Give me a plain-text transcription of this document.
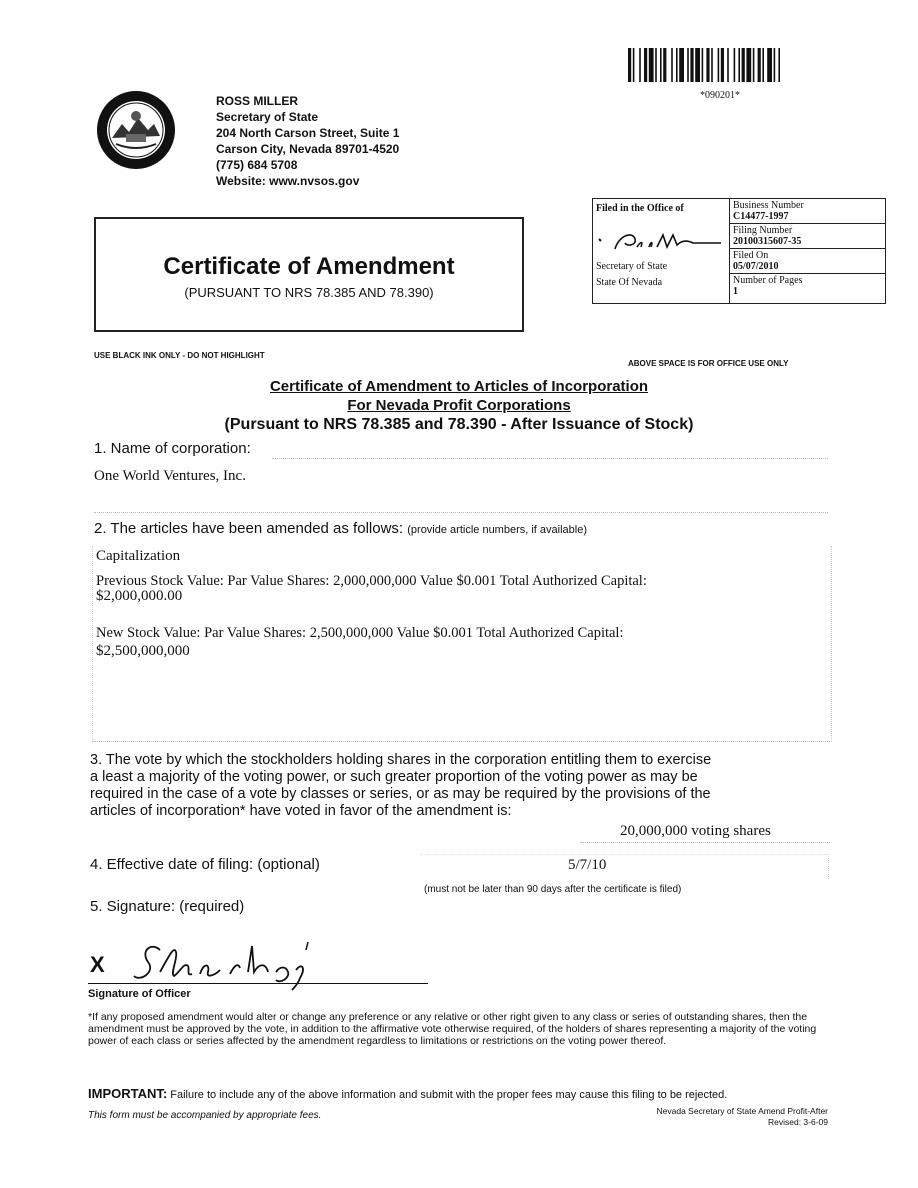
*090201*
ROSS MILLER
Secretary of State
204 North Carson Street, Suite 1
Carson City, Nevada 89701-4520
(775) 684 5708
Website: www.nvsos.gov
Filed in the Office of
Secretary of State
State Of Nevada
Business Number
C14477-1997
Filing Number
20100315607-35
Filed On
05/07/2010
Number of Pages
1
Certificate of Amendment
(PURSUANT TO NRS 78.385 AND 78.390)
USE BLACK INK ONLY - DO NOT HIGHLIGHT
ABOVE SPACE IS FOR OFFICE USE ONLY
Certificate of Amendment to Articles of Incorporation
For Nevada Profit Corporations
(Pursuant to NRS 78.385 and 78.390 - After Issuance of Stock)
1. Name of corporation:
One World Ventures, Inc.
2. The articles have been amended as follows: (provide article numbers, if available)
Capitalization
Previous Stock Value: Par Value Shares: 2,000,000,000 Value $0.001 Total Authorized Capital:
$2,000,000.00
New Stock Value: Par Value Shares: 2,500,000,000 Value $0.001 Total Authorized Capital:
$2,500,000,000
3. The vote by which the stockholders holding shares in the corporation entitling them to exercise
a least a majority of the voting power, or such greater proportion of the voting power as may be
required in the case of a vote by classes or series, or as may be required by the provisions of the
articles of incorporation* have voted in favor of the amendment is:
20,000,000 voting shares
4. Effective date of filing: (optional)	5/7/10
(must not be later than 90 days after the certificate is filed)
5. Signature: (required)
X
Signature of Officer
*If any proposed amendment would alter or change any preference or any relative or other right given to any class or series of outstanding shares, then the amendment must be approved by the vote, in addition to the affirmative vote otherwise required, of the holders of shares representing a majority of the voting power of each class or series affected by the amendment regardless to limitations or restrictions on the voting power thereof.
IMPORTANT: Failure to include any of the above information and submit with the proper fees may cause this filing to be rejected.
This form must be accompanied by appropriate fees.	Nevada Secretary of State Amend Profit-After
Revised: 3-6-09
